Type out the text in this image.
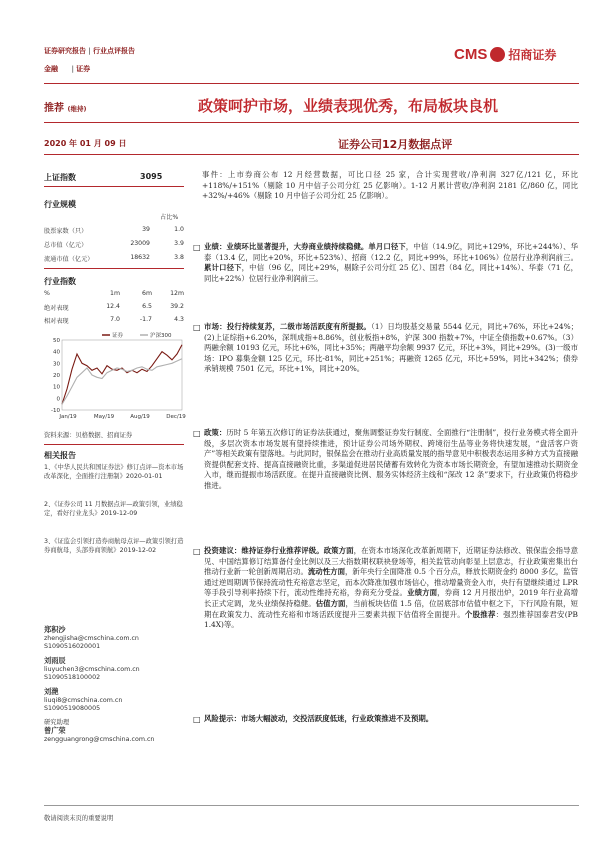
证券研究报告 | 行业点评报告
金融      | 证券
CMS 招商证券
推荐 (维持)	政策呵护市场，业绩表现优秀，布局板块良机
2020 年 01 月 09 日	证券公司12月数据点评
上证指数	3095
行业规模
占比%
股票家数（只）	39	1.0
总市值（亿元）	23009	3.9
流通市值（亿元）	18632	3.8
行业指数
%	1m	6m	12m
绝对表现	12.4	6.5	39.2
相对表现	7.0	-1.7	4.3
50
40
30
20
10
0
-10
Jan/19	May/19	Aug/19	Dec/19
证券	沪深300
资料来源：贝格数据、招商证券
相关报告
1、《中华人民共和国证券法》修订点评—资本市场改革深化，全面推行注册制》2020-01-01
2、《证券公司 11 月数据点评—政策引领，业绩稳定，看好行业龙头》2019-12-09
3、《证监会引领打造券商航母点评—政策引领打造券商航母，头部券商领航》2019-12-02
郑积沙
zhengjisha@cmschina.com.cn
S1090516020001
刘雨辰
liuyuchen3@cmschina.com.cn
S1090518100002
刘滟
liuqi8@cmschina.com.cn
S1090519080005
研究助理
曾广荣
zengguangrong@cmschina.com.cn
事件：上市券商公布 12 月经营数据，可比口径 25 家，合计实现营收/净利润 327亿/121 亿，环比+118%/+151%（剔除 10 月中信子公司分红 25 亿影响）。1-12 月累计营收/净利润 2181 亿/860 亿，同比+32%/+46%（剔除 10 月中信子公司分红 25 亿影响）。
□ 业绩：业绩环比显著提升，大券商业绩持续稳健。单月口径下，中信（14.9亿，同比+129%，环比+244%）、华泰（13.4 亿，同比+20%，环比+523%）、招商（12.2 亿，同比+99%，环比+106%）位居行业净利润前三。累计口径下，中信（96 亿，同比+29%，剔除子公司分红 25 亿）、国君（84 亿，同比+14%）、华泰（71 亿，同比+22%）位居行业净利润前三。
□ 市场：投行持续复苏，二级市场活跃度有所提振。（1）日均股基交易量 5544 亿元，同比+76%，环比+24%；(2)上证综指+6.20%，深圳成指+8.86%，创业板指+8%，沪深 300 指数+7%，中证全债指数+0.67%。（3）两融余额 10193 亿元，环比+6%，同比+35%；两融平均余额 9937 亿元，环比+3%，同比+29%。(3)一级市场：IPO 募集金额 125 亿元，环比-81%，同比+251%；再融资 1265 亿元，环比+59%，同比+342%；债券承销规模 7501 亿元，环比+1%，同比+20%。
□ 政策：历时 5 年第五次修订的证券法获通过，聚焦调整证券发行制度、全面推行“注册制”，投行业务模式将全面升级，多层次资本市场发展有望持续推进，预计证券公司场外期权、跨境衍生品等业务将快速发展，“盘活客户资产”等相关政策有望落地。与此同时，银保监会在推动行业高质量发展的指导意见中积极表态运用多种方式为直接融资提供配套支持、提高直接融资比重，多渠道促进居民储蓄有效转化为资本市场长期资金，有望加速推动长期资金入市，继而提振市场活跃度。在提升直接融资比例、服务实体经济主线和“深改 12 条”要求下，行业政策仍将稳步推进。
□ 投资建议：维持证券行业推荐评级。政策方面，在资本市场深化改革新周期下，近期证券法修改、银保监会指导意见、中国结算修订结算备付金比例以及三大指数期权联袂登场等，相关监管动向彰显上层意志，行业政策密集出台推动行业新一轮创新周期启动。流动性方面，新年央行全面降准 0.5 个百分点，释放长期资金约 8000 多亿，监管通过逆周期调节保持流动性充裕意志坚定，而本次降准加强市场信心，推动增量资金入市，央行有望继续通过 LPR 等手段引导利率持续下行，流动性维持充裕，券商充分受益。业绩方面，券商 12 月月报出炉，2019 年行业高增长正式定调，龙头业绩保持稳健。估值方面，当前板块估值 1.5 倍，位居底部市估值中枢之下，下行风险有限，短期在政策发力、流动性充裕和市场活跃度提升三要素共振下估值将全面提升。个股推荐：强烈推荐国泰君安(PB 1.4X)等。
□ 风险提示：市场大幅波动，交投活跃度低迷，行业政策推进不及预期。
敬请阅读末页的重要说明
